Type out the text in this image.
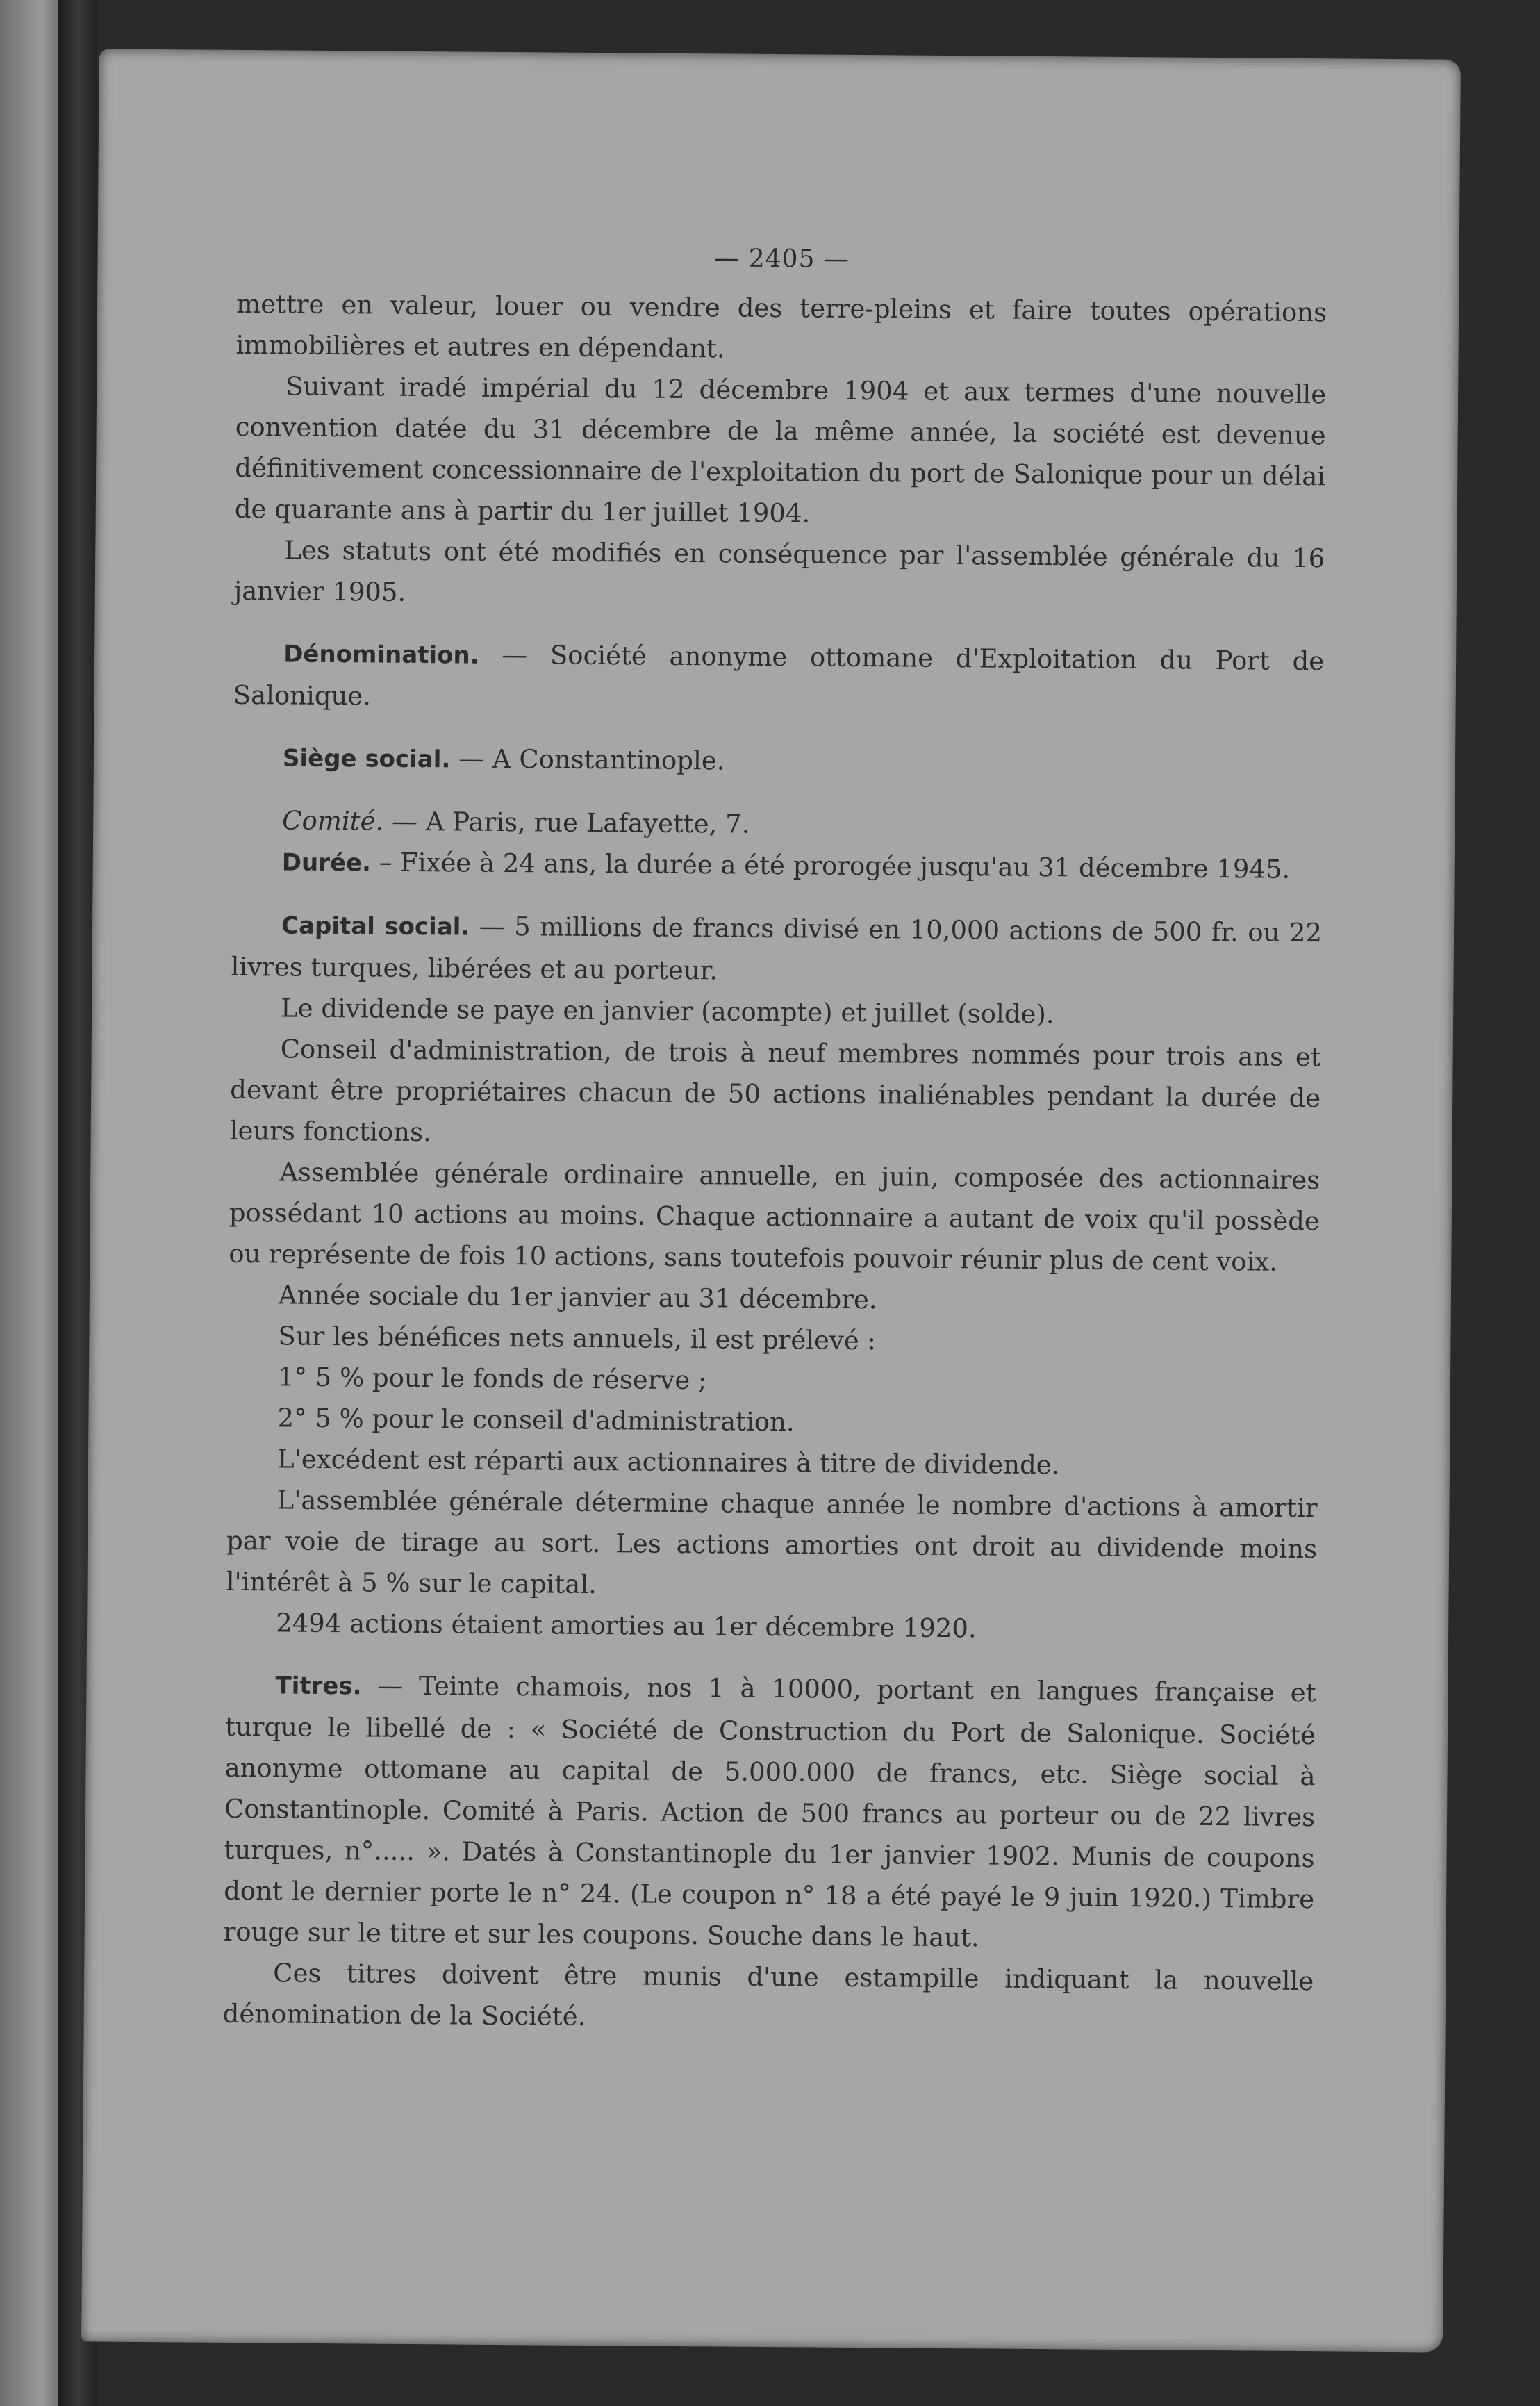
— 2405 —

mettre en valeur, louer ou vendre des terre-pleins et faire toutes opérations immobilières et autres en dépendant.

Suivant iradé impérial du 12 décembre 1904 et aux termes d'une nouvelle convention datée du 31 décembre de la même année, la société est devenue définitivement concessionnaire de l'exploitation du port de Salonique pour un délai de quarante ans à partir du 1er juillet 1904.

Les statuts ont été modifiés en conséquence par l'assemblée générale du 16 janvier 1905.

Dénomination. — Société anonyme ottomane d'Exploitation du Port de Salonique.

Siège social. — A Constantinople.

Comité. — A Paris, rue Lafayette, 7.

Durée. – Fixée à 24 ans, la durée a été prorogée jusqu'au 31 décembre 1945.

Capital social. — 5 millions de francs divisé en 10,000 actions de 500 fr. ou 22 livres turques, libérées et au porteur.

Le dividende se paye en janvier (acompte) et juillet (solde).

Conseil d'administration, de trois à neuf membres nommés pour trois ans et devant être propriétaires chacun de 50 actions inaliénables pendant la durée de leurs fonctions.

Assemblée générale ordinaire annuelle, en juin, composée des actionnaires possédant 10 actions au moins. Chaque actionnaire a autant de voix qu'il possède ou représente de fois 10 actions, sans toutefois pouvoir réunir plus de cent voix.

Année sociale du 1er janvier au 31 décembre.

Sur les bénéfices nets annuels, il est prélevé :

1° 5 % pour le fonds de réserve ;

2° 5 % pour le conseil d'administration.

L'excédent est réparti aux actionnaires à titre de dividende.

L'assemblée générale détermine chaque année le nombre d'actions à amortir par voie de tirage au sort. Les actions amorties ont droit au dividende moins l'intérêt à 5 % sur le capital.

2494 actions étaient amorties au 1er décembre 1920.

Titres. — Teinte chamois, nos 1 à 10000, portant en langues française et turque le libellé de : « Société de Construction du Port de Salonique. Société anonyme ottomane au capital de 5.000.000 de francs, etc. Siège social à Constantinople. Comité à Paris. Action de 500 francs au porteur ou de 22 livres turques, n°..... ». Datés à Constantinople du 1er janvier 1902. Munis de coupons dont le dernier porte le n° 24. (Le coupon n° 18 a été payé le 9 juin 1920.) Timbre rouge sur le titre et sur les coupons. Souche dans le haut.

Ces titres doivent être munis d'une estampille indiquant la nouvelle dénomination de la Société.
